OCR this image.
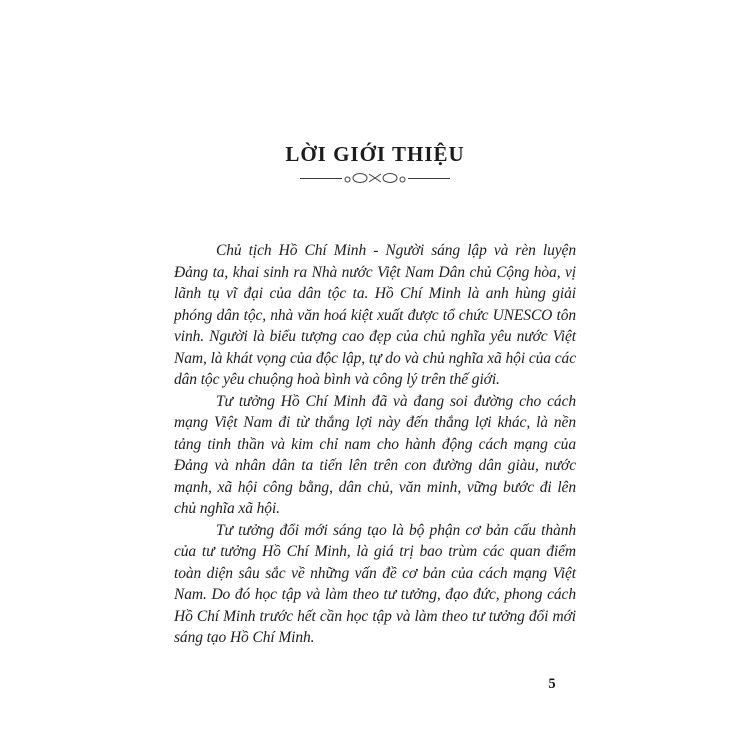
LỜI GIỚI THIỆU

Chủ tịch Hồ Chí Minh - Người sáng lập và rèn luyện Đảng ta, khai sinh ra Nhà nước Việt Nam Dân chủ Cộng hòa, vị lãnh tụ vĩ đại của dân tộc ta. Hồ Chí Minh là anh hùng giải phóng dân tộc, nhà văn hoá kiệt xuất được tổ chức UNESCO tôn vinh. Người là biểu tượng cao đẹp của chủ nghĩa yêu nước Việt Nam, là khát vọng của độc lập, tự do và chủ nghĩa xã hội của các dân tộc yêu chuộng hoà bình và công lý trên thế giới.

Tư tưởng Hồ Chí Minh đã và đang soi đường cho cách mạng Việt Nam đi từ thắng lợi này đến thắng lợi khác, là nền tảng tinh thần và kim chỉ nam cho hành động cách mạng của Đảng và nhân dân ta tiến lên trên con đường dân giàu, nước mạnh, xã hội công bằng, dân chủ, văn minh, vững bước đi lên chủ nghĩa xã hội.

Tư tưởng đổi mới sáng tạo là bộ phận cơ bản cấu thành của tư tưởng Hồ Chí Minh, là giá trị bao trùm các quan điểm toàn diện sâu sắc về những vấn đề cơ bản của cách mạng Việt Nam. Do đó học tập và làm theo tư tưởng, đạo đức, phong cách Hồ Chí Minh trước hết cần học tập và làm theo tư tưởng đổi mới sáng tạo Hồ Chí Minh.

5
